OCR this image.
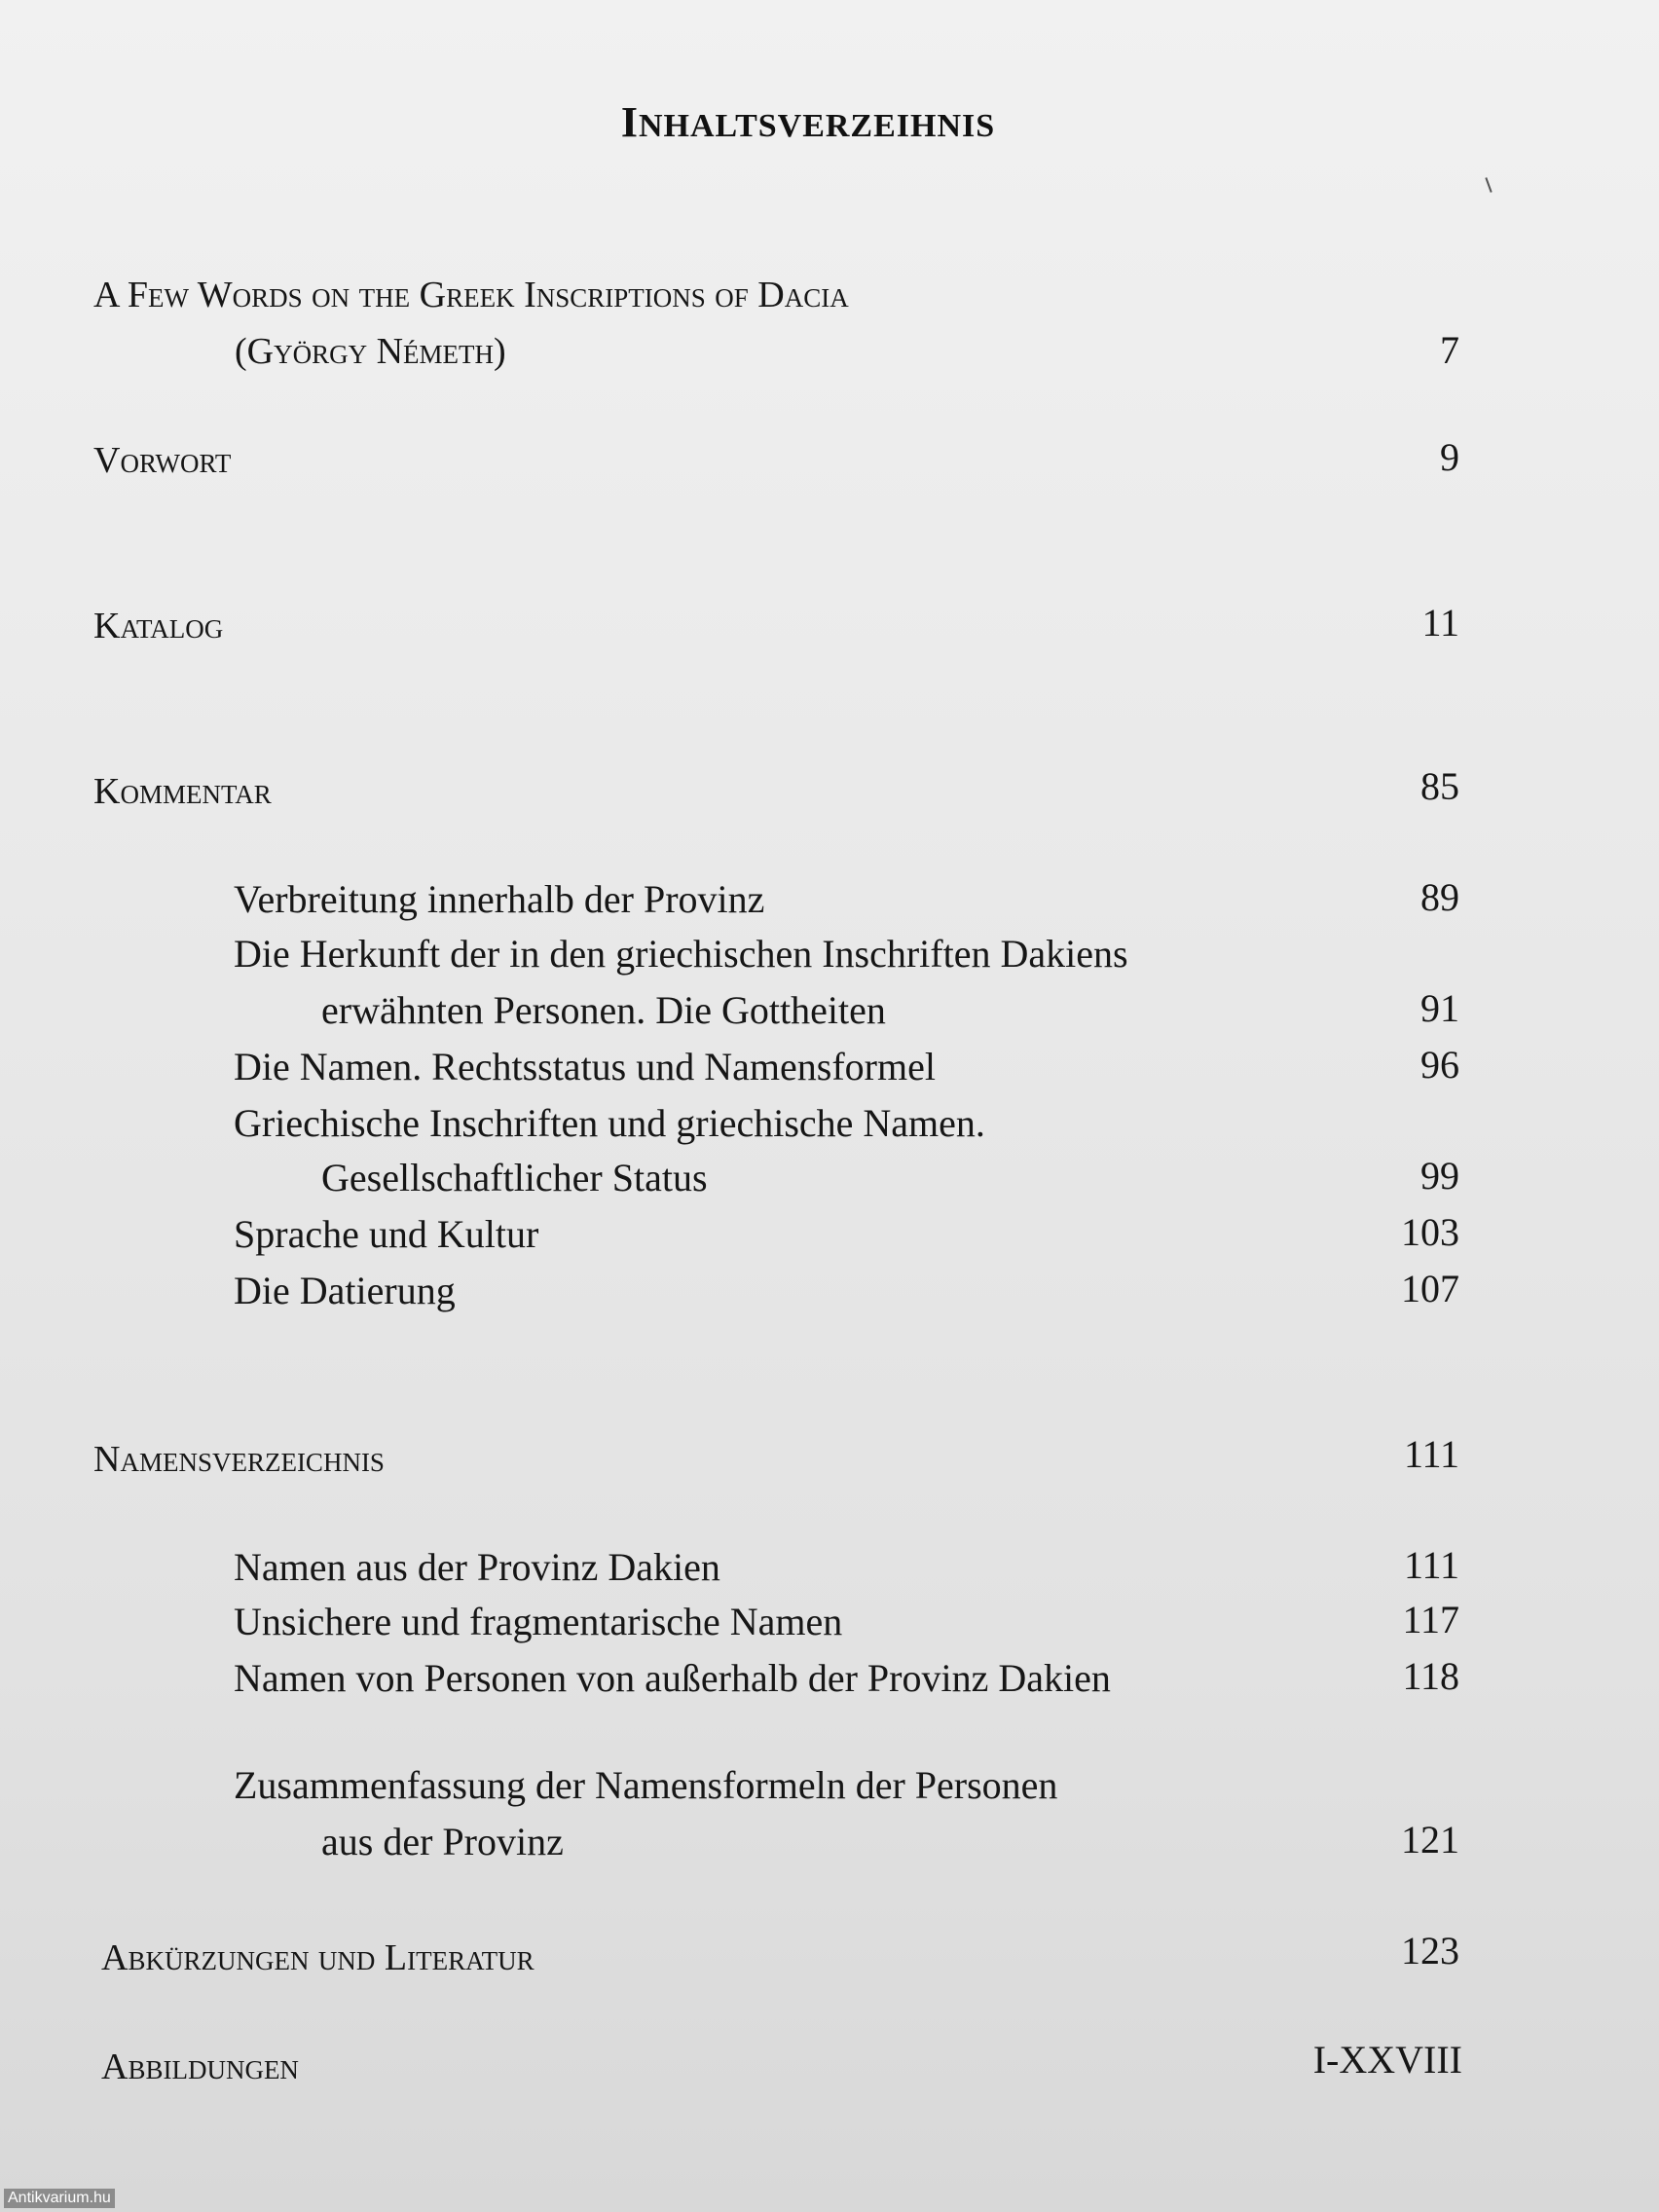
INHALTSVERZEIHNIS
A Few Words on the Greek Inscriptions of Dacia
(György Németh)	7
Vorwort	9
Katalog	11
Kommentar	85
Verbreitung innerhalb der Provinz	89
Die Herkunft der in den griechischen Inschriften Dakiens
erwähnten Personen. Die Gottheiten	91
Die Namen. Rechtsstatus und Namensformel	96
Griechische Inschriften und griechische Namen.
Gesellschaftlicher Status	99
Sprache und Kultur	103
Die Datierung	107
Namensverzeichnis	111
Namen aus der Provinz Dakien	111
Unsichere und fragmentarische Namen	117
Namen von Personen von außerhalb der Provinz Dakien	118
Zusammenfassung der Namensformeln der Personen
aus der Provinz	121
Abkürzungen und Literatur	123
Abbildungen	I-XXVIII
Antikvarium.hu
